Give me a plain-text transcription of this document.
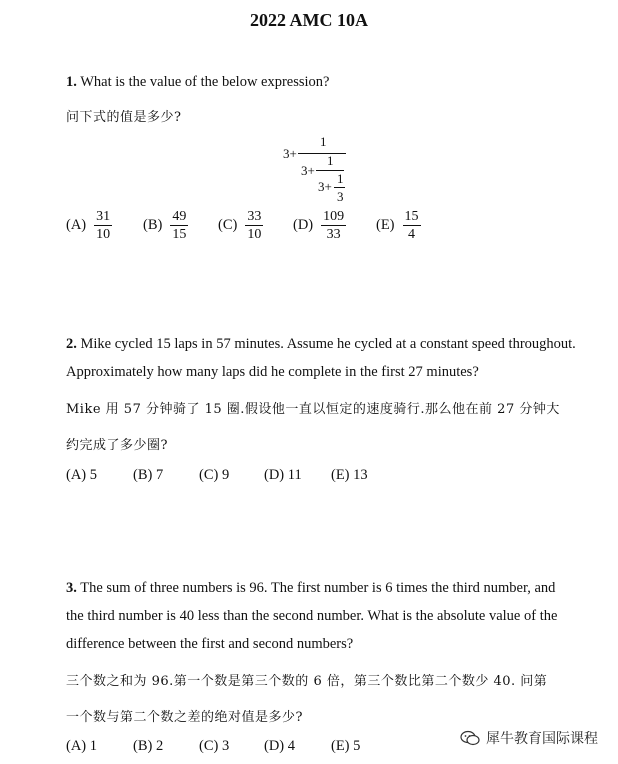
2022 AMC 10A
1. What is the value of the below expression?
问下式的值是多少?
3+
1
3+
1
3+
1
3
$(A) \frac{31}{10} (B) \frac{49}{15} (C) \frac{33}{10} (D) \frac{109}{33} (E) \frac{15}{4}$
2. Mike cycled 15 laps in 57 minutes. Assume he cycled at a constant speed throughout.
Approximately how many laps did he complete in the first 27 minutes?
Mike 用 57 分钟骑了 15 圈.假设他一直以恒定的速度骑行.那么他在前 27 分钟大
约完成了多少圈?
(A) 5 (B) 7 (C) 9 (D) 11 (E) 13
3. The sum of three numbers is 96. The first number is 6 times the third number, and
the third number is 40 less than the second number. What is the absolute value of the
difference between the first and second numbers?
三个数之和为 96.第一个数是第三个数的 6 倍，第三个数比第二个数少 40. 问第
一个数与第二个数之差的绝对值是多少?
(A) 1 (B) 2 (C) 3 (D) 4 (E) 5	犀牛教育国际课程
